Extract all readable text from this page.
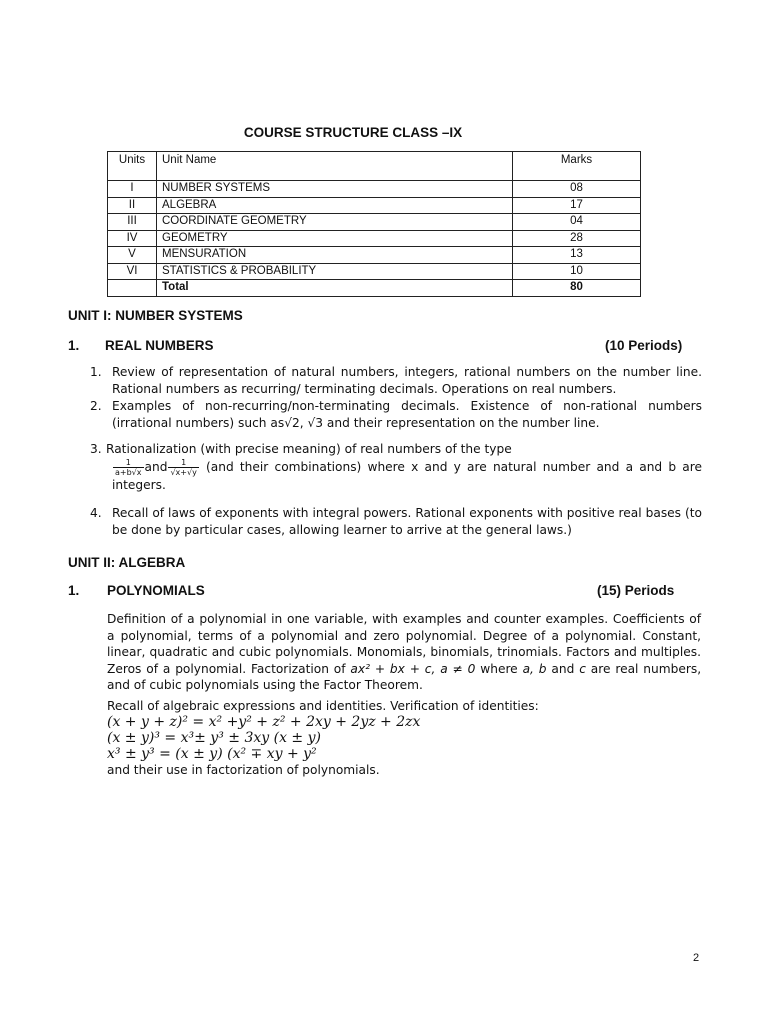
COURSE STRUCTURE CLASS –IX
Units	Unit Name	Marks
I	NUMBER SYSTEMS	08
II	ALGEBRA	17
III	COORDINATE GEOMETRY	04
IV	GEOMETRY	28
V	MENSURATION	13
VI	STATISTICS & PROBABILITY	10
	Total	80
UNIT I: NUMBER SYSTEMS
1. REAL NUMBERS	(10 Periods)
1. Review of representation of natural numbers, integers, rational numbers on the number line. Rational numbers as recurring/ terminating decimals. Operations on real numbers.
2. Examples of non-recurring/non-terminating decimals. Existence of non-rational numbers (irrational numbers) such as√2, √3 and their representation on the number line.
3. Rationalization (with precise meaning) of real numbers of the type
$\frac{1}{a+b√x}$ and $\frac{1}{√x+√y} (and$ their combinations) where x and y are natural number and a and b are integers.
4. Recall of laws of exponents with integral powers. Rational exponents with positive real bases (to be done by particular cases, allowing learner to arrive at the general laws.)
UNIT II: ALGEBRA
1. POLYNOMIALS	(15) Periods
Definition of a polynomial in one variable, with examples and counter examples. Coefficients of a polynomial, terms of a polynomial and zero polynomial. Degree of a polynomial. Constant, linear, quadratic and cubic polynomials. Monomials, binomials, trinomials. Factors and multiples. Zeros of a polynomial. Factorization of ax² + bx + c, a ≠ 0 where a, b and c are real numbers, and of cubic polynomials using the Factor Theorem.
Recall of algebraic expressions and identities. Verification of identities:
(x + y + z)² = x² +y² + z² + 2xy + 2yz + 2zx
(x ± y)³ = x³± y³ ± 3xy (x ± y)
x³ ± y³ = (x ± y) (x² ∓ xy + y²
and their use in factorization of polynomials.
2
